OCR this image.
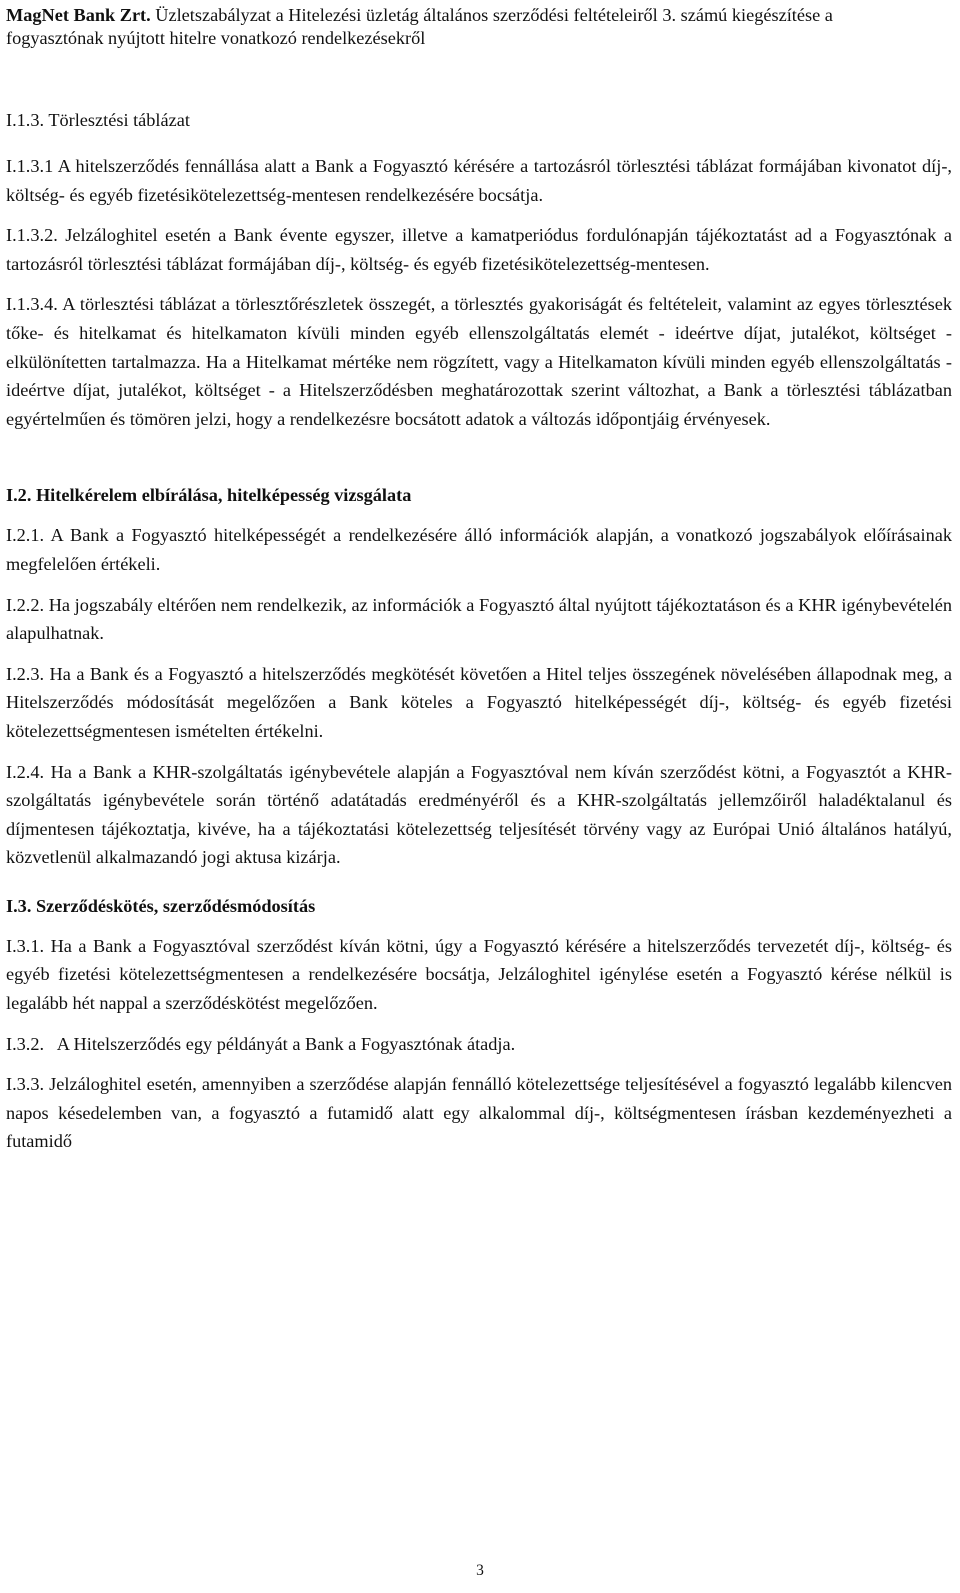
MagNet Bank Zrt. Üzletszabályzat a Hitelezési üzletág általános szerződési feltételeiről 3. számú kiegészítése a
fogyasztónak nyújtott hitelre vonatkozó rendelkezésekről
I.1.3. Törlesztési táblázat

I.1.3.1 A hitelszerződés fennállása alatt a Bank a Fogyasztó kérésére a tartozásról törlesztési táblázat formájában kivonatot díj-, költség- és egyéb fizetésikötelezettség-mentesen rendelkezésére bocsátja.

I.1.3.2. Jelzáloghitel esetén a Bank évente egyszer, illetve a kamatperiódus fordulónapján tájékoztatást ad a Fogyasztónak a tartozásról törlesztési táblázat formájában díj-, költség- és egyéb fizetésikötelezettség-mentesen.

I.1.3.4. A törlesztési táblázat a törlesztőrészletek összegét, a törlesztés gyakoriságát és feltételeit, valamint az egyes törlesztések tőke- és hitelkamat és hitelkamaton kívüli minden egyéb ellenszolgáltatás elemét - ideértve díjat, jutalékot, költséget - elkülönítetten tartalmazza. Ha a Hitelkamat mértéke nem rögzített, vagy a Hitelkamaton kívüli minden egyéb ellenszolgáltatás - ideértve díjat, jutalékot, költséget - a Hitelszerződésben meghatározottak szerint változhat, a Bank a törlesztési táblázatban egyértelműen és tömören jelzi, hogy a rendelkezésre bocsátott adatok a változás időpontjáig érvényesek.

I.2. Hitelkérelem elbírálása, hitelképesség vizsgálata

I.2.1. A Bank a Fogyasztó hitelképességét a rendelkezésére álló információk alapján, a vonatkozó jogszabályok előírásainak megfelelően értékeli.

I.2.2. Ha jogszabály eltérően nem rendelkezik, az információk a Fogyasztó által nyújtott tájékoztatáson és a KHR igénybevételén alapulhatnak.

I.2.3. Ha a Bank és a Fogyasztó a hitelszerződés megkötését követően a Hitel teljes összegének növelésében állapodnak meg, a Hitelszerződés módosítását megelőzően a Bank köteles a Fogyasztó hitelképességét díj-, költség- és egyéb fizetési kötelezettségmentesen ismételten értékelni.

I.2.4. Ha a Bank a KHR-szolgáltatás igénybevétele alapján a Fogyasztóval nem kíván szerződést kötni, a Fogyasztót a KHR-szolgáltatás igénybevétele során történő adatátadás eredményéről és a KHR-szolgáltatás jellemzőiről haladéktalanul és díjmentesen tájékoztatja, kivéve, ha a tájékoztatási kötelezettség teljesítését törvény vagy az Európai Unió általános hatályú, közvetlenül alkalmazandó jogi aktusa kizárja.

I.3. Szerződéskötés, szerződésmódosítás

I.3.1. Ha a Bank a Fogyasztóval szerződést kíván kötni, úgy a Fogyasztó kérésére a hitelszerződés tervezetét díj-, költség- és egyéb fizetési kötelezettségmentesen a rendelkezésére bocsátja, Jelzáloghitel igénylése esetén a Fogyasztó kérése nélkül is legalább hét nappal a szerződéskötést megelőzően.

I.3.2.   A Hitelszerződés egy példányát a Bank a Fogyasztónak átadja.

I.3.3. Jelzáloghitel esetén, amennyiben a szerződése alapján fennálló kötelezettsége teljesítésével a fogyasztó legalább kilencven napos késedelemben van, a fogyasztó a futamidő alatt egy alkalommal díj-, költségmentesen írásban kezdeményezheti a futamidő

3
